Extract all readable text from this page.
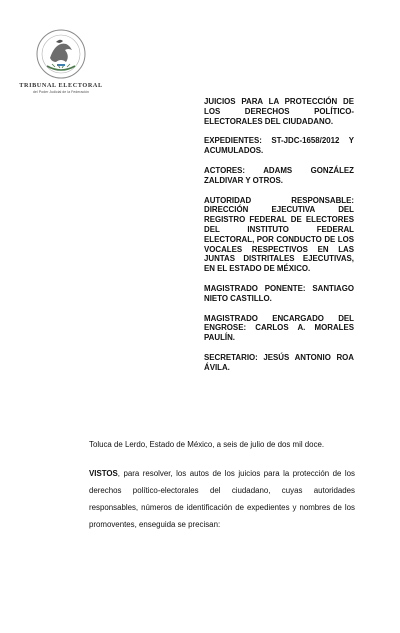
TRIBUNAL ELECTORAL
del Poder Judicial de la Federación

JUICIOS PARA LA PROTECCIÓN DE LOS DERECHOS POLÍTICO-ELECTORALES DEL CIUDADANO.

EXPEDIENTES: ST-JDC-1658/2012 Y ACUMULADOS.

ACTORES: ADAMS GONZÁLEZ ZALDIVAR Y OTROS.

AUTORIDAD RESPONSABLE: DIRECCIÓN EJECUTIVA DEL REGISTRO FEDERAL DE ELECTORES DEL INSTITUTO FEDERAL ELECTORAL, POR CONDUCTO DE LOS VOCALES RESPECTIVOS EN LAS JUNTAS DISTRITALES EJECUTIVAS, EN EL ESTADO DE MÉXICO.

MAGISTRADO PONENTE: SANTIAGO NIETO CASTILLO.

MAGISTRADO ENCARGADO DEL ENGROSE: CARLOS A. MORALES PAULÍN.

SECRETARIO: JESÚS ANTONIO ROA ÁVILA.

Toluca de Lerdo, Estado de México, a seis de julio de dos mil doce.

VISTOS, para resolver, los autos de los juicios para la protección de los derechos político-electorales del ciudadano, cuyas autoridades responsables, números de identificación de expedientes y nombres de los promoventes, enseguida se precisan:
